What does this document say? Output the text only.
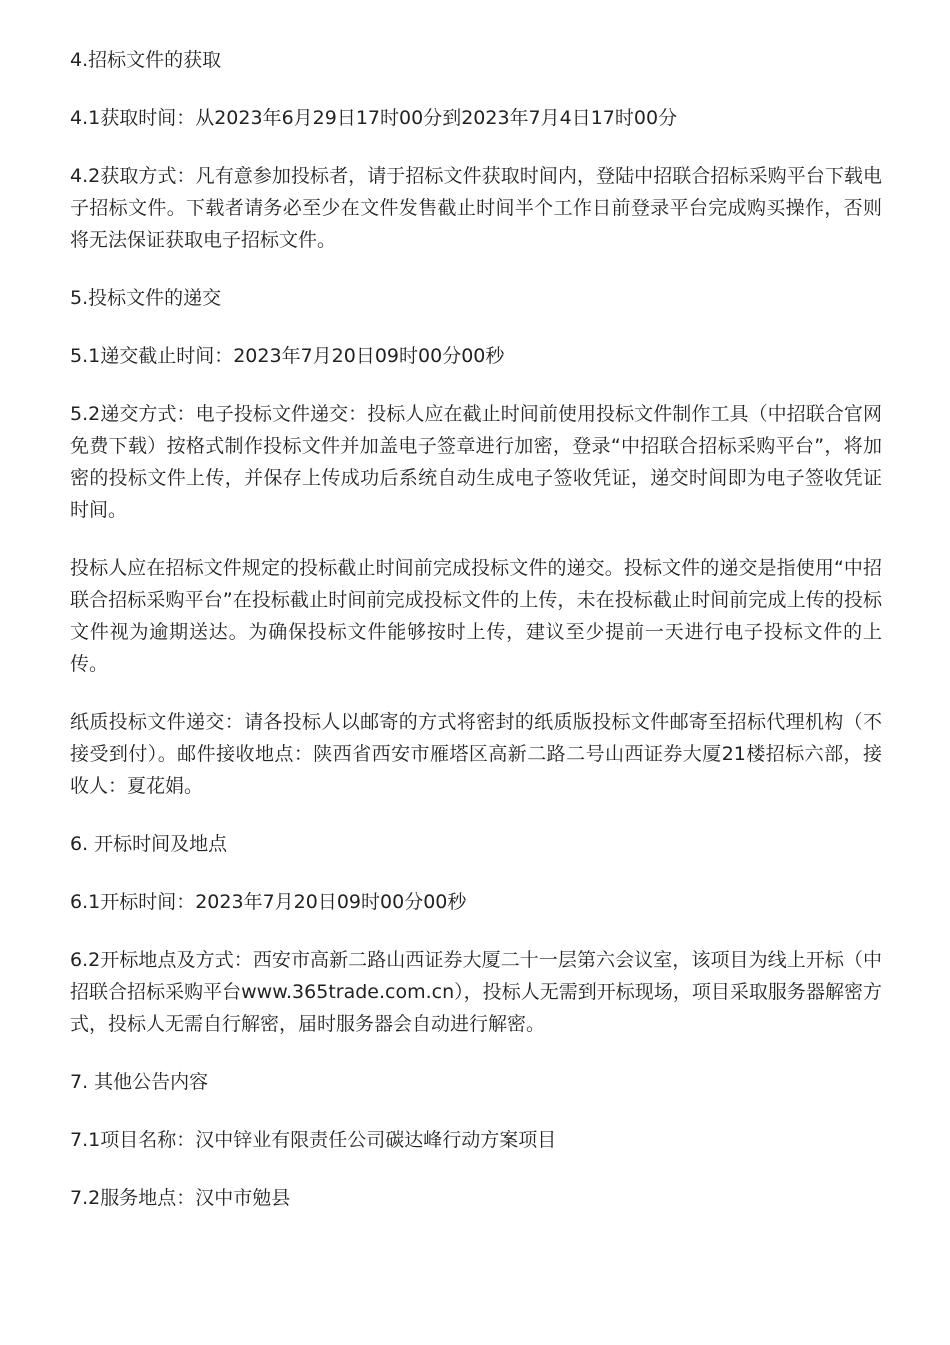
4.招标文件的获取

4.1获取时间：从2023年6月29日17时00分到2023年7月4日17时00分

4.2获取方式：凡有意参加投标者，请于招标文件获取时间内，登陆中招联合招标采购平台下载电子招标文件。下载者请务必至少在文件发售截止时间半个工作日前登录平台完成购买操作，否则将无法保证获取电子招标文件。

5.投标文件的递交

5.1递交截止时间：2023年7月20日09时00分00秒

5.2递交方式：电子投标文件递交：投标人应在截止时间前使用投标文件制作工具（中招联合官网免费下载）按格式制作投标文件并加盖电子签章进行加密，登录“中招联合招标采购平台”，将加密的投标文件上传，并保存上传成功后系统自动生成电子签收凭证，递交时间即为电子签收凭证时间。

投标人应在招标文件规定的投标截止时间前完成投标文件的递交。投标文件的递交是指使用“中招联合招标采购平台”在投标截止时间前完成投标文件的上传，未在投标截止时间前完成上传的投标文件视为逾期送达。为确保投标文件能够按时上传，建议至少提前一天进行电子投标文件的上传。

纸质投标文件递交：请各投标人以邮寄的方式将密封的纸质版投标文件邮寄至招标代理机构（不接受到付）。邮件接收地点：陕西省西安市雁塔区高新二路二号山西证券大厦21楼招标六部，接收人：夏花娟。

6. 开标时间及地点

6.1开标时间：2023年7月20日09时00分00秒

6.2开标地点及方式：西安市高新二路山西证券大厦二十一层第六会议室，该项目为线上开标（中招联合招标采购平台www.365trade.com.cn），投标人无需到开标现场，项目采取服务器解密方式，投标人无需自行解密，届时服务器会自动进行解密。

7. 其他公告内容

7.1项目名称：汉中锌业有限责任公司碳达峰行动方案项目

7.2服务地点：汉中市勉县
